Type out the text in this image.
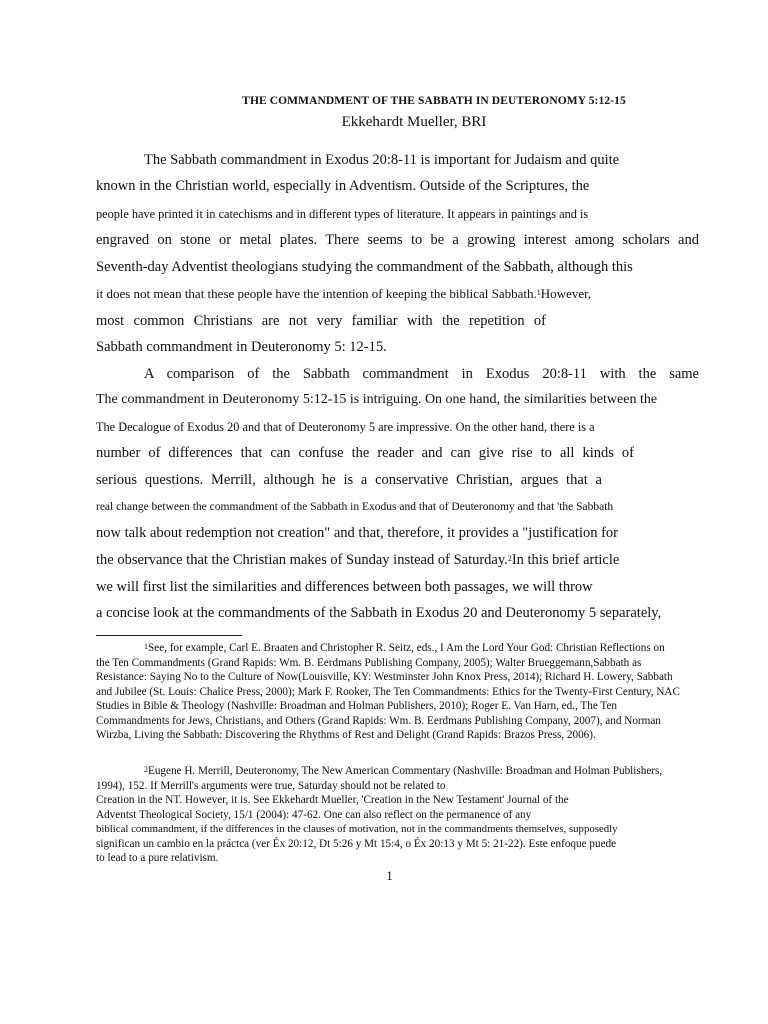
THE COMMANDMENT OF THE SABBATH IN DEUTERONOMY 5:12-15
Ekkehardt Mueller, BRI
The Sabbath commandment in Exodus 20:8-11 is important for Judaism and quite
known in the Christian world, especially in Adventism. Outside of the Scriptures, the
people have printed it in catechisms and in different types of literature. It appears in paintings and is
engraved on stone or metal plates. There seems to be a growing interest among scholars and
Seventh-day Adventist theologians studying the commandment of the Sabbath, although this
it does not mean that these people have the intention of keeping the biblical Sabbath.$^1$However,
most common Christians are not very familiar with the repetition of
Sabbath commandment in Deuteronomy 5: 12-15.
A comparison of the Sabbath commandment in Exodus 20:8-11 with the same
The commandment in Deuteronomy 5:12-15 is intriguing. On one hand, the similarities between the
The Decalogue of Exodus 20 and that of Deuteronomy 5 are impressive. On the other hand, there is a
number of differences that can confuse the reader and can give rise to all kinds of
serious questions. Merrill, although he is a conservative Christian, argues that a
real change between the commandment of the Sabbath in Exodus and that of Deuteronomy and that 'the Sabbath
now talk about redemption not creation" and that, therefore, it provides a "justification for
the observance that the Christian makes of Sunday instead of Saturday.$^2$In this brief article
we will first list the similarities and differences between both passages, we will throw
a concise look at the commandments of the Sabbath in Exodus 20 and Deuteronomy 5 separately,

$^1$See, for example, Carl E. Braaten and Christopher R. Seitz, eds., I Am the Lord Your God: Christian Reflections on the Ten Commandments (Grand Rapids: Wm. B. Eerdmans Publishing Company, 2005); Walter Brueggemann,Sabbath as Resistance: Saying No to the Culture of Now(Louisville, KY: Westminster John Knox Press, 2014); Richard H. Lowery, Sabbath and Jubilee (St. Louis: Chalice Press, 2000); Mark F. Rooker, The Ten Commandments: Ethics for the Twenty-First Century, NAC Studies in Bible & Theology (Nashville: Broadman and Holman Publishers, 2010); Roger E. Van Harn, ed., The Ten Commandments for Jews, Christians, and Others (Grand Rapids: Wm. B. Eerdmans Publishing Company, 2007), and Norman Wirzba, Living the Sabbath: Discovering the Rhythms of Rest and Delight (Grand Rapids: Brazos Press, 2006).

$^2$Eugene H. Merrill, Deuteronomy, The New American Commentary (Nashville: Broadman and Holman Publishers, 1994), 152. If Merrill's arguments were true, Saturday should not be related to

Creation in the NT. However, it is. See Ekkehardt Mueller, 'Creation in the New Testament' Journal of the

Adventst Theological Society, 15/1 (2004): 47-62. One can also reflect on the permanence of any

biblical commandment, if the differences in the clauses of motivation, not in the commandments themselves, supposedly

significan un cambio en la práctca (ver Éx 20:12, Dt 5:26 y Mt 15:4, o Éx 20:13 y Mt 5: 21-22). Este enfoque puede

to lead to a pure relativism.

1
